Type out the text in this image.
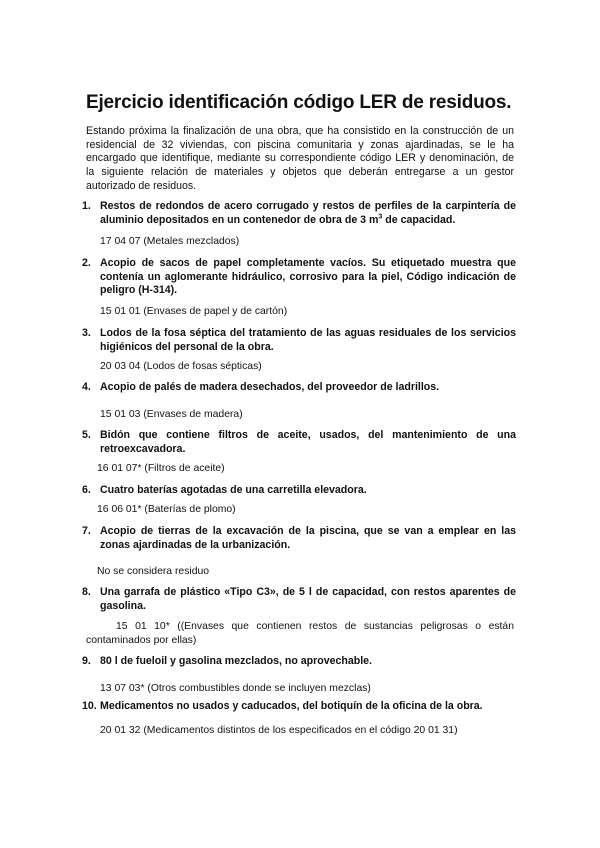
Ejercicio identificación código LER de residuos.

Estando próxima la finalización de una obra, que ha consistido en la construcción de un residencial de 32 viviendas, con piscina comunitaria y zonas ajardinadas, se le ha encargado que identifique, mediante su correspondiente código LER y denominación, de la siguiente relación de materiales y objetos que deberán entregarse a un gestor autorizado de residuos.

1. Restos de redondos de acero corrugado y restos de perfiles de la carpintería de aluminio depositados en un contenedor de obra de 3 $m^3$ de capacidad.
17 04 07 (Metales mezclados)
2. Acopio de sacos de papel completamente vacíos. Su etiquetado muestra que contenía un aglomerante hidráulico, corrosivo para la piel, Código indicación de peligro (H-314).
15 01 01 (Envases de papel y de cartón)
3. Lodos de la fosa séptica del tratamiento de las aguas residuales de los servicios higiénicos del personal de la obra.
20 03 04 (Lodos de fosas sépticas)
4. Acopio de palés de madera desechados, del proveedor de ladrillos.
15 01 03 (Envases de madera)
5. Bidón que contiene filtros de aceite, usados, del mantenimiento de una retroexcavadora.
16 01 07* (Filtros de aceite)
6. Cuatro baterías agotadas de una carretilla elevadora.
16 06 01* (Baterías de plomo)
7. Acopio de tierras de la excavación de la piscina, que se van a emplear en las zonas ajardinadas de la urbanización.
No se considera residuo
8. Una garrafa de plástico «Tipo C3», de 5 l de capacidad, con restos aparentes de gasolina.
15 01 10* ((Envases que contienen restos de sustancias peligrosas o están contaminados por ellas)
9. 80 l de fueloil y gasolina mezclados, no aprovechable.
13 07 03* (Otros combustibles donde se incluyen mezclas)
10. Medicamentos no usados y caducados, del botiquín de la oficina de la obra.
20 01 32 (Medicamentos distintos de los especificados en el código 20 01 31)
